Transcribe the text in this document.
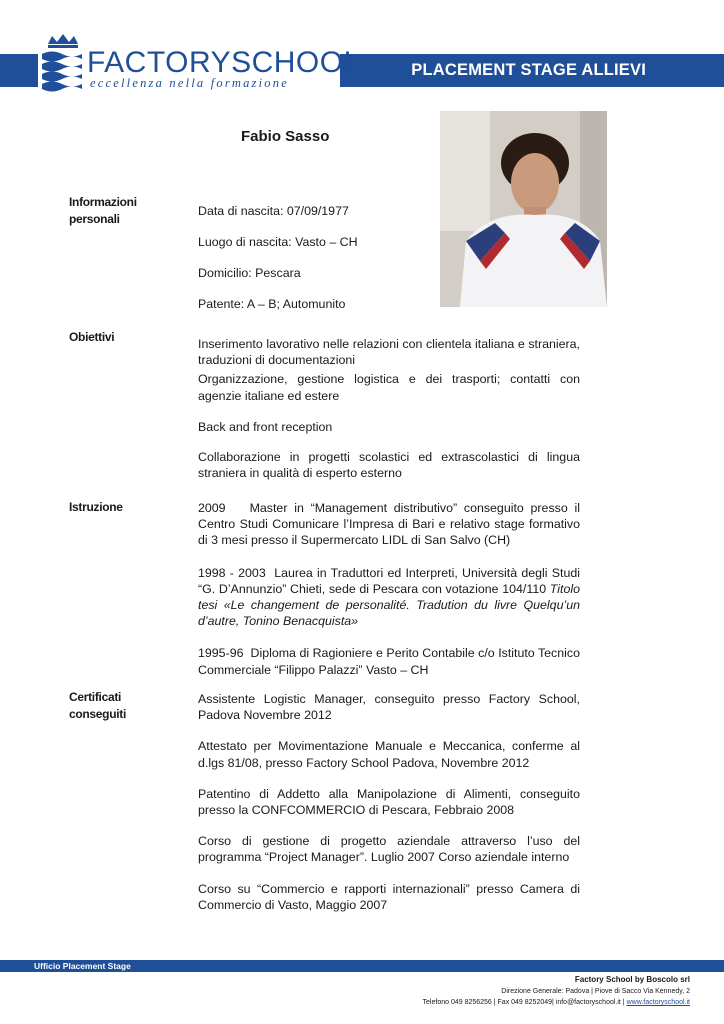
PLACEMENT STAGE ALLIEVI
FACTORYSCHOOL
eccellenza nella formazione
Fabio Sasso
Informazioni personali

Data di nascita: 07/09/1977

Luogo di nascita: Vasto – CH

Domicilio: Pescara

Patente: A – B; Automunito

Obiettivi	Inserimento lavorativo nelle relazioni con clientela italiana e straniera, traduzioni di documentazioni

Organizzazione, gestione logistica e dei trasporti; contatti con agenzie italiane ed estere

Back and front reception

Collaborazione in progetti scolastici ed extrascolastici di lingua straniera in qualità di esperto esterno

Istruzione	2009 Master in “Management distributivo” conseguito presso il Centro Studi Comunicare l’Impresa di Bari e relativo stage formativo di 3 mesi presso il Supermercato LIDL di San Salvo (CH)

1998 - 2003 Laurea in Traduttori ed Interpreti, Università degli Studi “G. D’Annunzio” Chieti, sede di Pescara con votazione 104/110 Titolo tesi «Le changement de personalité. Tradution du livre Quelqu’un d’autre, Tonino Benacquista»

1995-96 Diploma di Ragioniere e Perito Contabile c/o Istituto Tecnico Commerciale “Filippo Palazzi” Vasto – CH

Certificati conseguiti

Assistente Logistic Manager, conseguito presso Factory School, Padova Novembre 2012

Attestato per Movimentazione Manuale e Meccanica, conferme al d.lgs 81/08, presso Factory School Padova, Novembre 2012

Patentino di Addetto alla Manipolazione di Alimenti, conseguito presso la CONFCOMMERCIO di Pescara, Febbraio 2008

Corso di gestione di progetto aziendale attraverso l’uso del programma “Project Manager”. Luglio 2007 Corso aziendale interno

Corso su “Commercio e rapporti internazionali” presso Camera di Commercio di Vasto, Maggio 2007

Ufficio Placement Stage
Factory School by Boscolo srl
Direzione Generale: Padova | Piove di Sacco Via Kennedy, 2
Telefono 049 8256256 | Fax 049 8252049| info@factoryschool.it | www.factoryschool.it
